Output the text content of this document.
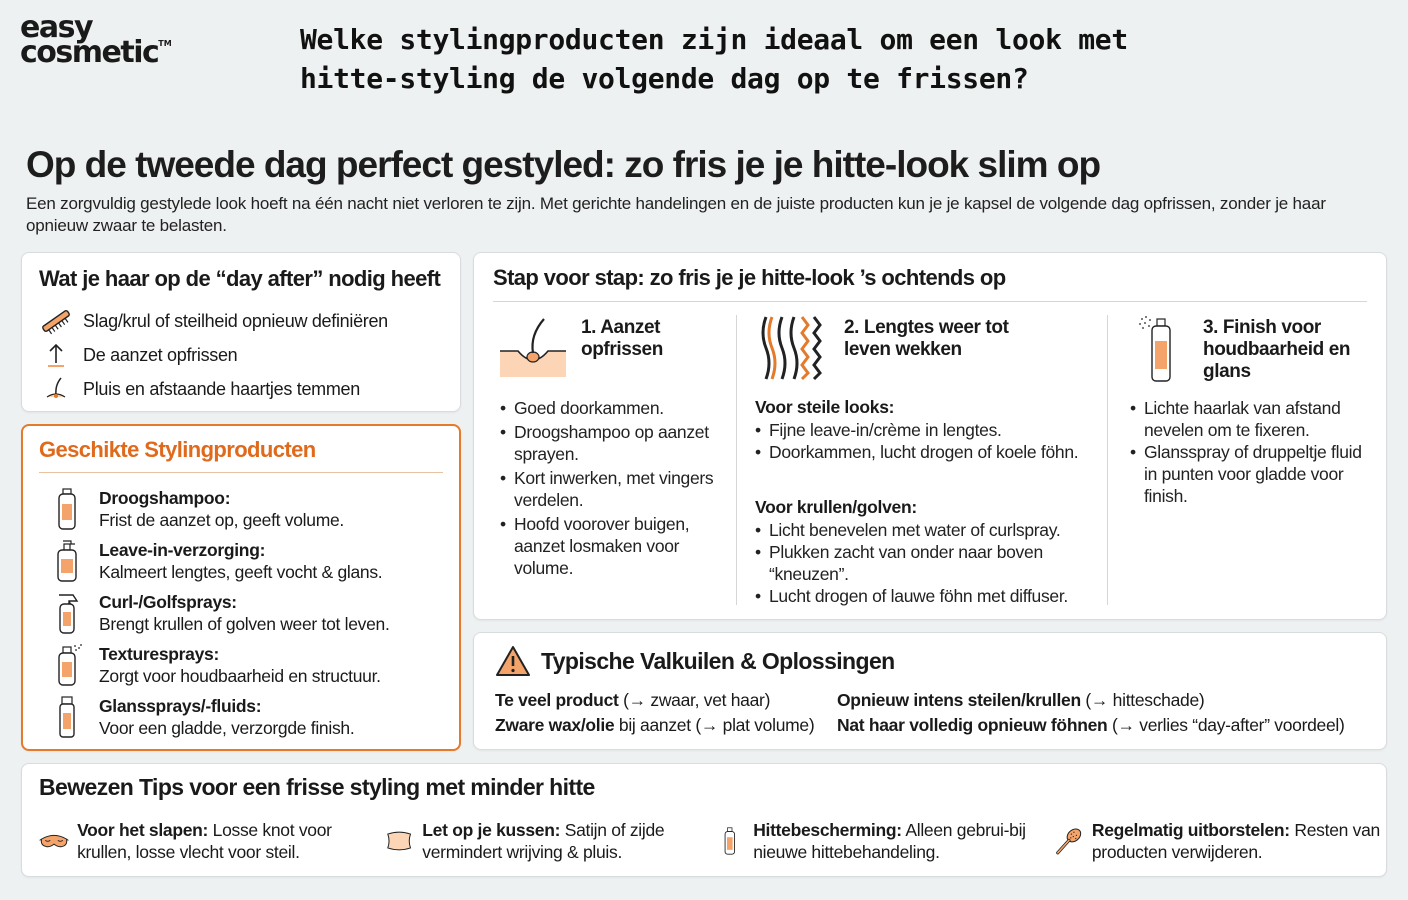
easy
cosmetic™	Welke stylingproducten zijn ideaal om een look met hitte-styling de volgende dag op te frissen?
Op de tweede dag perfect gestyled: zo fris je je hitte-look slim op
Een zorgvuldig gestylede look hoeft na één nacht niet verloren te zijn. Met gerichte handelingen en de juiste producten kun je je kapsel de volgende dag opfrissen, zonder je haar opnieuw zwaar te belasten.
Wat je haar op de “day after” nodig heeft
Slag/krul of steilheid opnieuw definiëren
De aanzet opfrissen
Pluis en afstaande haartjes temmen
Geschikte Stylingproducten
Droogshampoo:
Frist de aanzet op, geeft volume.
Leave-in-verzorging:
Kalmeert lengtes, geeft vocht & glans.
Curl-/Golfsprays:
Brengt krullen of golven weer tot leven.
Texturesprays:
Zorgt voor houdbaarheid en structuur.
Glanssprays/-fluids:
Voor een gladde, verzorgde finish.
Stap voor stap: zo fris je je hitte-look ’s ochtends op
1. Aanzet opfrissen
• Goed doorkammen.
• Droogshampoo op aanzet sprayen.
• Kort inwerken, met vingers verdelen.
• Hoofd voorover buigen, aanzet losmaken voor volume.
2. Lengtes weer tot leven wekken
Voor steile looks:
• Fijne leave-in/crème in lengtes.
• Doorkammen, lucht drogen of koele föhn.
Voor krullen/golven:
• Licht benevelen met water of curlspray.
• Plukken zacht van onder naar boven “kneuzen”.
• Lucht drogen of lauwe föhn met diffuser.
3. Finish voor houdbaarheid en glans
• Lichte haarlak van afstand nevelen om te fixeren.
• Glansspray of druppeltje fluid in punten voor gladde voor finish.
Typische Valkuilen & Oplossingen
Te veel product (→ zwaar, vet haar)
Zware wax/olie bij aanzet (→ plat volume)
Opnieuw intens steilen/krullen (→ hitteschade)
Nat haar volledig opnieuw föhnen (→ verlies “day-after” voordeel)
Bewezen Tips voor een frisse styling met minder hitte
Voor het slapen: Losse knot voor krullen, losse vlecht voor steil.
Let op je kussen: Satijn of zijde vermindert wrijving & pluis.
Hittebescherming: Alleen gebrui-bij nieuwe hittebehandeling.
Regelmatig uitborstelen: Resten van producten verwijderen.
